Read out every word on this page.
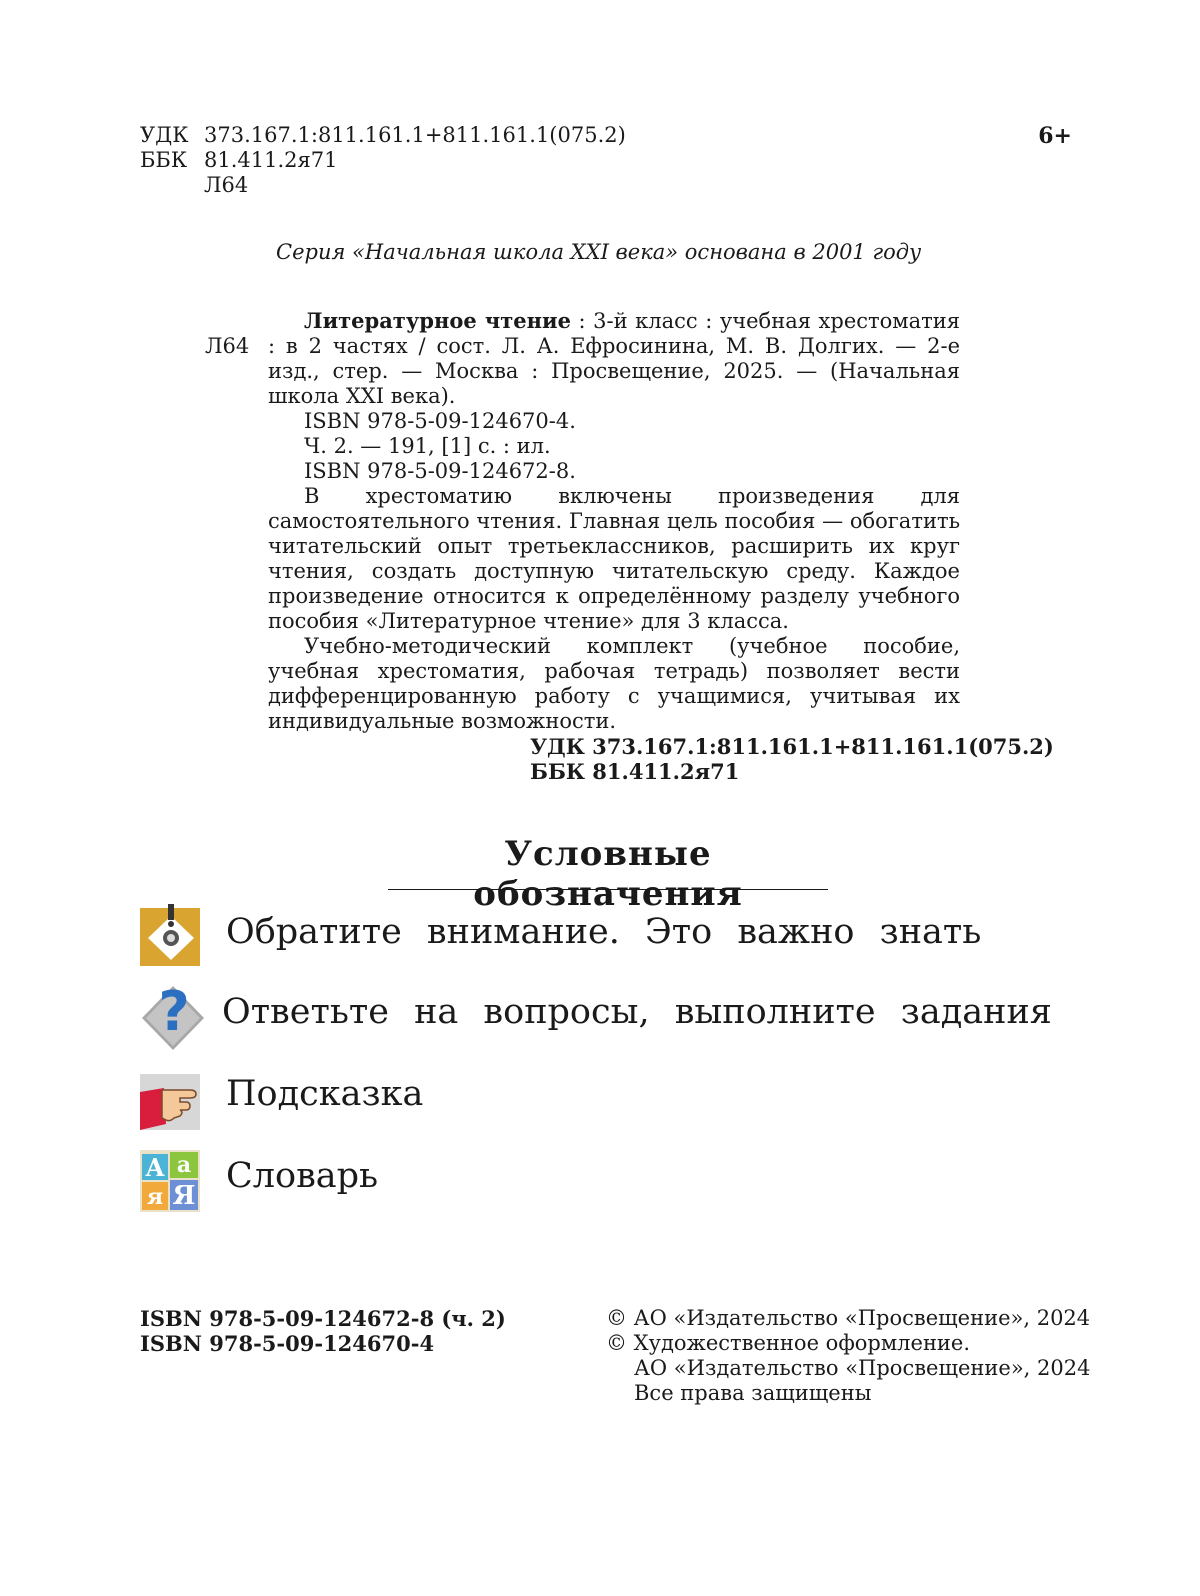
УДК 373.167.1:811.161.1+811.161.1(075.2)
ББК 81.411.2я71
Л64
6+
Серия «Начальная школа XXI века» основана в 2001 году
Л64

Литературное чтение : 3-й класс : учебная хрестоматия : в 2 частях / сост. Л. А. Ефросинина, М. В. Долгих. — 2-е изд., стер. — Москва : Просвещение, 2025. — (Начальная школа XXI века).

ISBN 978-5-09-124670-4.

Ч. 2. — 191, [1] с. : ил.

ISBN 978-5-09-124672-8.

В хрестоматию включены произведения для самостоятельного чтения. Главная цель пособия — обогатить читательский опыт третьеклассников, расширить их круг чтения, создать доступную читательскую среду. Каждое произведение относится к определённому разделу учебного пособия «Литературное чтение» для 3 класса.

Учебно-методический комплект (учебное пособие, учебная хрестоматия, рабочая тетрадь) позволяет вести дифференцированную работу с учащимися, учитывая их индивидуальные возможности.

УДК 373.167.1:811.161.1+811.161.1(075.2)

ББК 81.411.2я71

Условные обозначения
Обратите внимание. Это важно знать
? Ответьте на вопросы, выполните задания
Подсказка
А а
я Я Словарь
ISBN 978-5-09-124672-8 (ч. 2)
ISBN 978-5-09-124670-4
© АО «Издательство «Просвещение», 2024
© Художественное оформление.
АО «Издательство «Просвещение», 2024
Все права защищены
